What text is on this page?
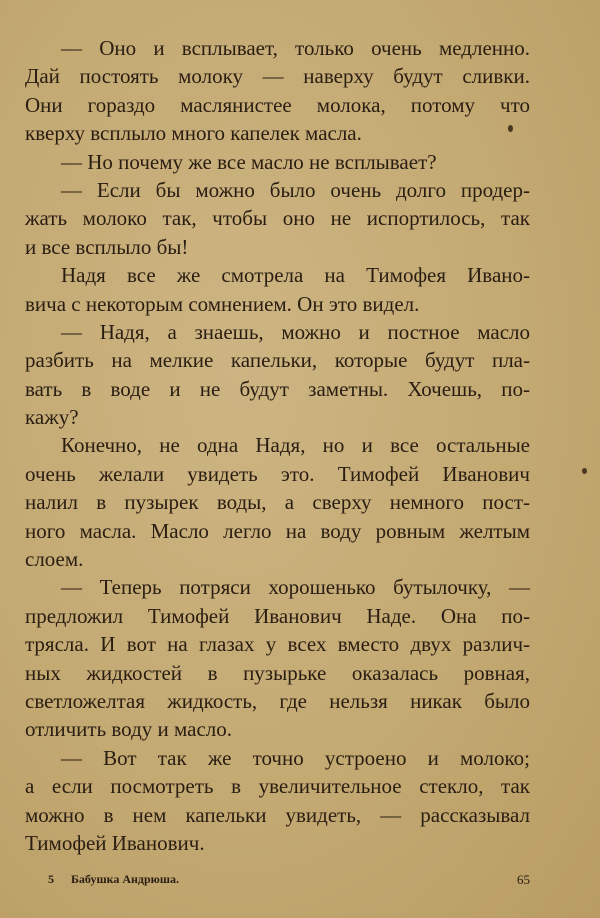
— Оно и всплывает, только очень медленно.
Дай постоять молоку — наверху будут сливки.
Они гораздо маслянистее молока, потому что
кверху всплыло много капелек масла.
— Но почему же все масло не всплывает?
— Если бы можно было очень долго продер-
жать молоко так, чтобы оно не испортилось, так
и все всплыло бы!
Надя все же смотрела на Тимофея Ивано-
вича с некоторым сомнением. Он это видел.
— Надя, а знаешь, можно и постное масло
разбить на мелкие капельки, которые будут пла-
вать в воде и не будут заметны. Хочешь, по-
кажу?
Конечно, не одна Надя, но и все остальные
очень желали увидеть это. Тимофей Иванович
налил в пузырек воды, а сверху немного пост-
ного масла. Масло легло на воду ровным желтым
слоем.
— Теперь потряси хорошенько бутылочку, —
предложил Тимофей Иванович Наде. Она по-
трясла. И вот на глазах у всех вместо двух различ-
ных жидкостей в пузырьке оказалась ровная,
светложелтая жидкость, где нельзя никак было
отличить воду и масло.
— Вот так же точно устроено и молоко;
а если посмотреть в увеличительное стекло, так
можно в нем капельки увидеть, — рассказывал
Тимофей Иванович.
5 Бабушка Андрюша.	65
